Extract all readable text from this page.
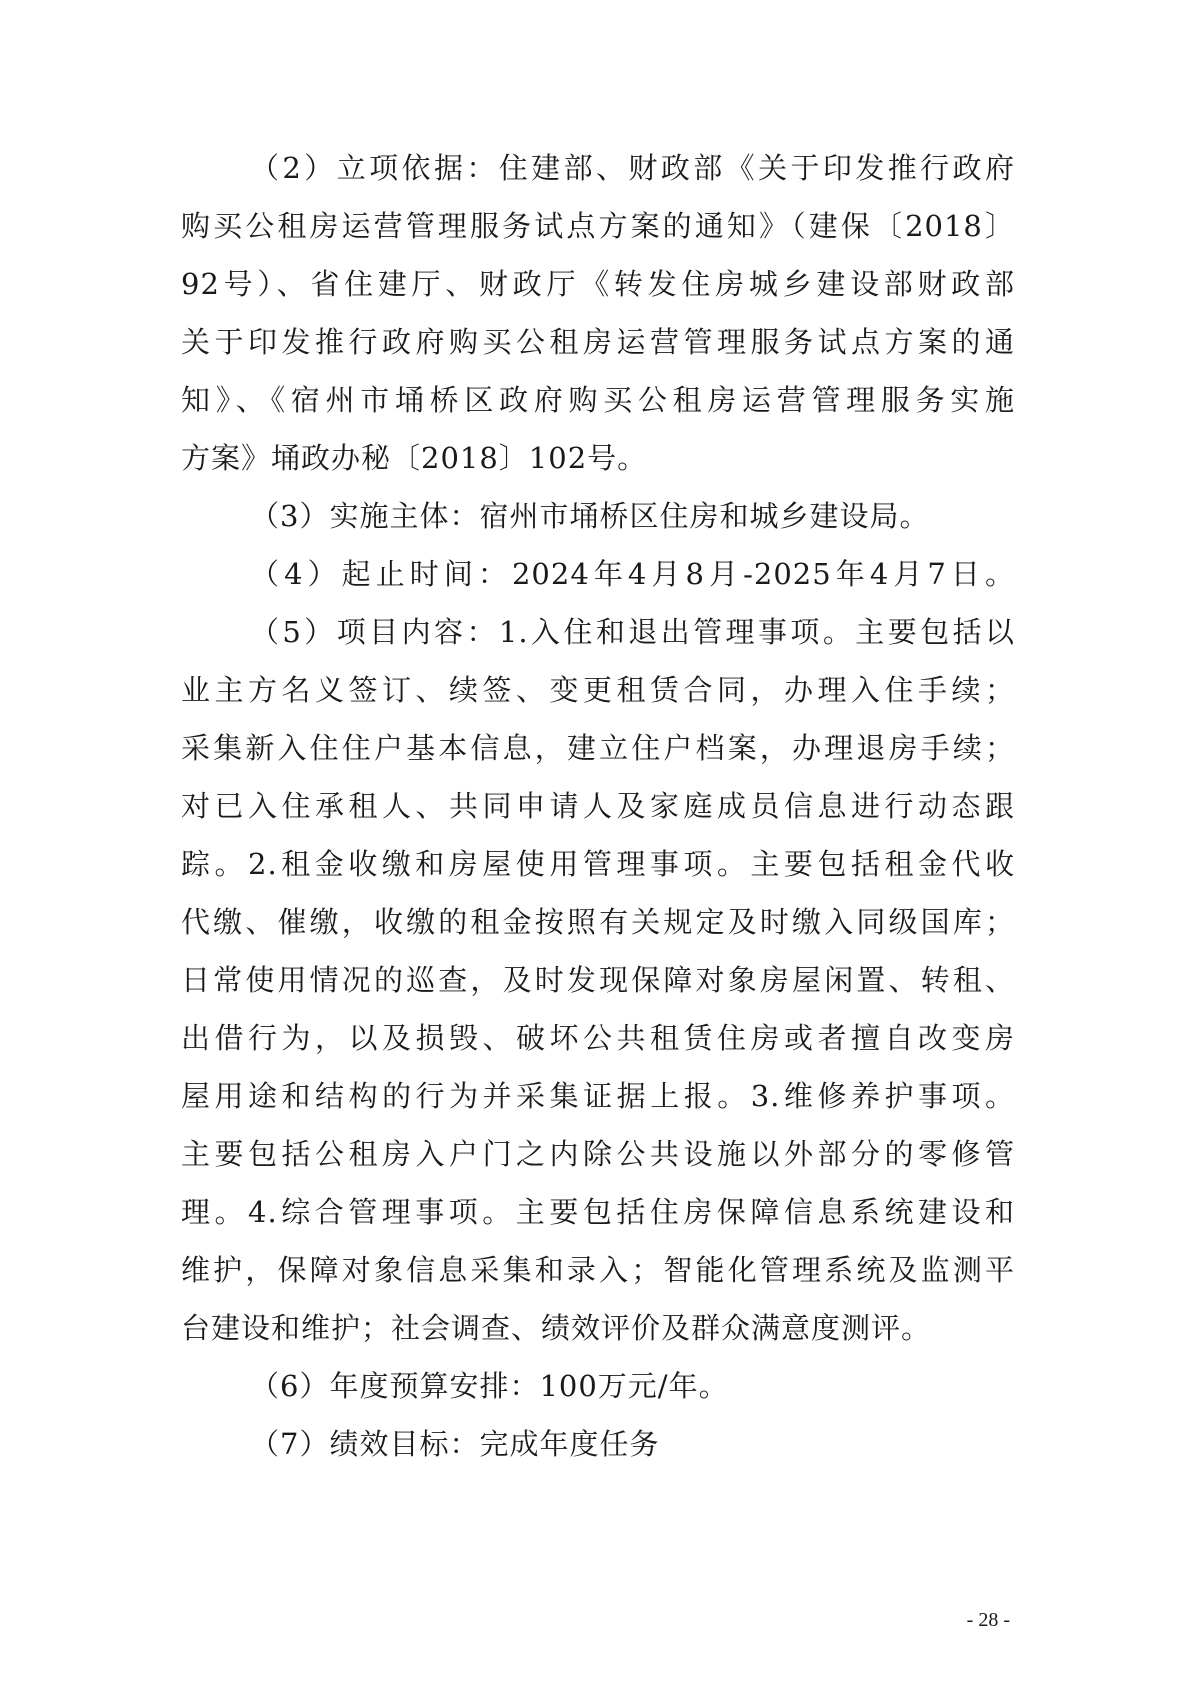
（2）立项依据：住建部、财政部《关于印发推行政府
购买公租房运营管理服务试点方案的通知》（建保〔2018〕
92号）、省住建厅、财政厅《转发住房城乡建设部财政部
关于印发推行政府购买公租房运营管理服务试点方案的通
知》、《宿州市埇桥区政府购买公租房运营管理服务实施
方案》埇政办秘〔2018〕102号。
（3）实施主体：宿州市埇桥区住房和城乡建设局。
（4）起止时间：2024年4月8月-2025年4月7日。
（5）项目内容：1.入住和退出管理事项。主要包括以
业主方名义签订、续签、变更租赁合同，办理入住手续；
采集新入住住户基本信息，建立住户档案，办理退房手续；
对已入住承租人、共同申请人及家庭成员信息进行动态跟
踪。2.租金收缴和房屋使用管理事项。主要包括租金代收
代缴、催缴，收缴的租金按照有关规定及时缴入同级国库；
日常使用情况的巡查，及时发现保障对象房屋闲置、转租、
出借行为，以及损毁、破坏公共租赁住房或者擅自改变房
屋用途和结构的行为并采集证据上报。3.维修养护事项。
主要包括公租房入户门之内除公共设施以外部分的零修管
理。4.综合管理事项。主要包括住房保障信息系统建设和
维护，保障对象信息采集和录入；智能化管理系统及监测平
台建设和维护；社会调查、绩效评价及群众满意度测评。
（6）年度预算安排：100万元/年。
（7）绩效目标：完成年度任务
- 28 -
